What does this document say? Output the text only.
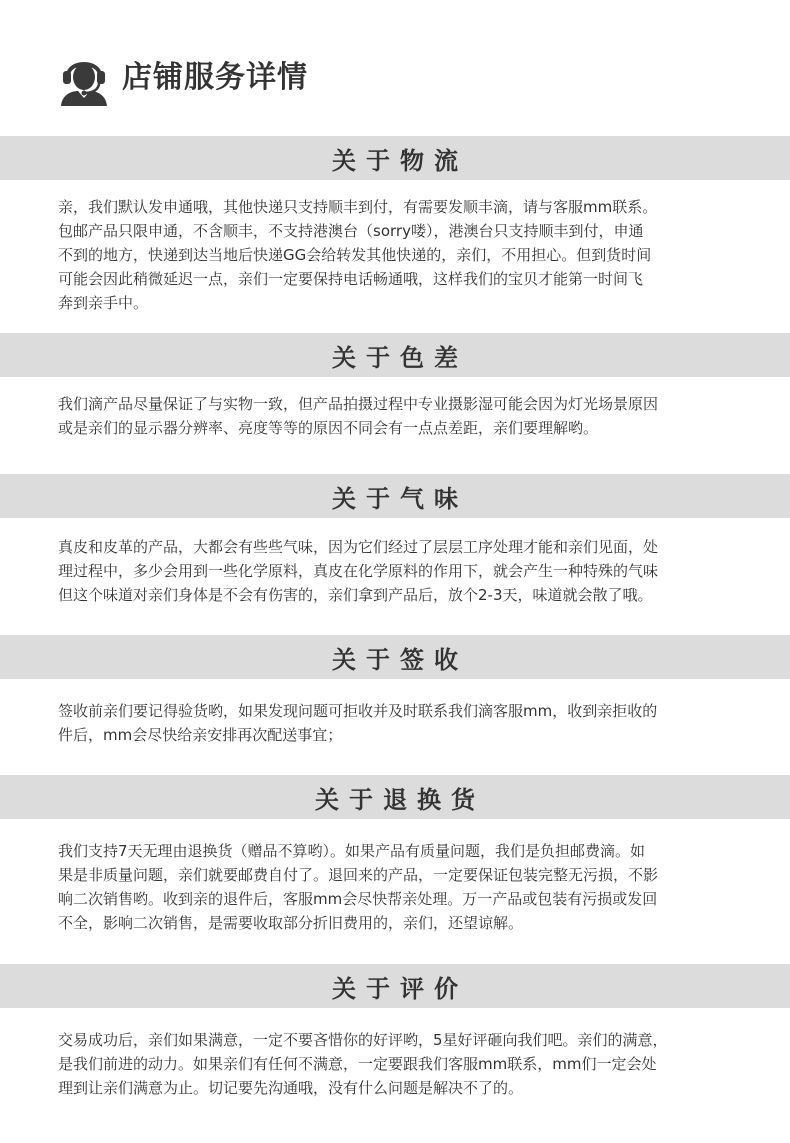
店铺服务详情
关于物流
亲，我们默认发申通哦，其他快递只支持顺丰到付，有需要发顺丰滴，请与客服mm联系。
包邮产品只限申通，不含顺丰，不支持港澳台（sorry喽），港澳台只支持顺丰到付，申通
不到的地方，快递到达当地后快递GG会给转发其他快递的，亲们，不用担心。但到货时间
可能会因此稍微延迟一点，亲们一定要保持电话畅通哦，这样我们的宝贝才能第一时间飞
奔到亲手中。
关于色差
我们滴产品尽量保证了与实物一致，但产品拍摄过程中专业摄影湿可能会因为灯光场景原因
或是亲们的显示器分辨率、亮度等等的原因不同会有一点点差距，亲们要理解哟。
关于气味
真皮和皮革的产品，大都会有些些气味，因为它们经过了层层工序处理才能和亲们见面，处
理过程中，多少会用到一些化学原料，真皮在化学原料的作用下，就会产生一种特殊的气味
但这个味道对亲们身体是不会有伤害的，亲们拿到产品后，放个2-3天，味道就会散了哦。
关于签收
签收前亲们要记得验货哟，如果发现问题可拒收并及时联系我们滴客服mm，收到亲拒收的
件后，mm会尽快给亲安排再次配送事宜；
关于退换货
我们支持7天无理由退换货（赠品不算哟）。如果产品有质量问题，我们是负担邮费滴。如
果是非质量问题，亲们就要邮费自付了。退回来的产品，一定要保证包装完整无污损，不影
响二次销售哟。收到亲的退件后，客服mm会尽快帮亲处理。万一产品或包装有污损或发回
不全，影响二次销售，是需要收取部分折旧费用的，亲们，还望谅解。
关于评价
交易成功后，亲们如果满意，一定不要吝惜你的好评哟，5星好评砸向我们吧。亲们的满意，
是我们前进的动力。如果亲们有任何不满意，一定要跟我们客服mm联系，mm们一定会处
理到让亲们满意为止。切记要先沟通哦，没有什么问题是解决不了的。
